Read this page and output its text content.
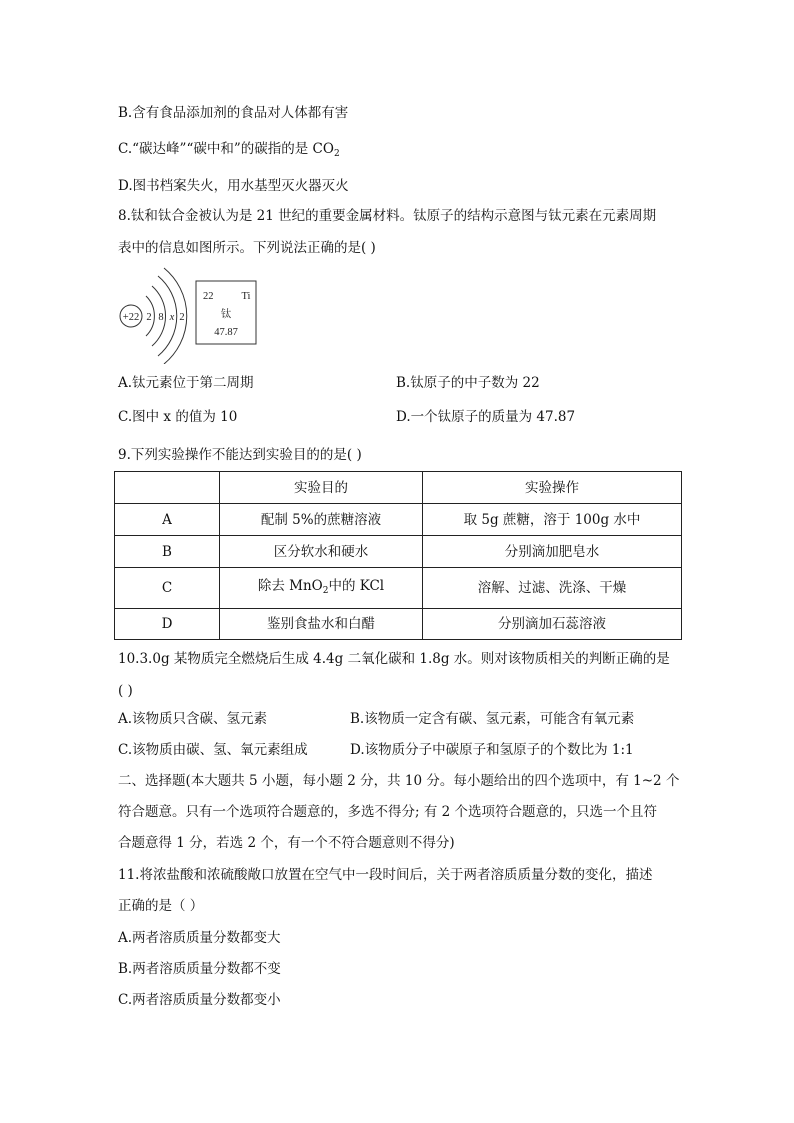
B.含有食品添加剂的食品对人体都有害
C.“碳达峰”“碳中和”的碳指的是 $CO_2$
D.图书档案失火，用水基型灭火器灭火
8.钛和钛合金被认为是 21 世纪的重要金属材料。钛原子的结构示意图与钛元素在元素周期
表中的信息如图所示。下列说法正确的是( )
+22 2 8 x 2
22	Ti
钛
47.87
A.钛元素位于第二周期	B.钛原子的中子数为 22
C.图中 x 的值为 10	D.一个钛原子的质量为 47.87
9.下列实验操作不能达到实验目的的是( )
	实验目的	实验操作
A	配制 5%的蔗糖溶液	取 5g 蔗糖，溶于 100g 水中
B	区分软水和硬水	分别滴加肥皂水
C	除去 MnO$_2$中的 KCl	溶解、过滤、洗涤、干燥
D	鉴别食盐水和白醋	分别滴加石蕊溶液
10.3.0g 某物质完全燃烧后生成 4.4g 二氧化碳和 1.8g 水。则对该物质相关的判断正确的是
( )
A.该物质只含碳、氢元素	B.该物质一定含有碳、氢元素，可能含有氧元素
C.该物质由碳、氢、氧元素组成	D.该物质分子中碳原子和氢原子的个数比为 1:1
二、选择题(本大题共 5 小题，每小题 2 分，共 10 分。每小题给出的四个选项中，有 1~2 个
符合题意。只有一个选项符合题意的，多选不得分; 有 2 个选项符合题意的，只选一个且符
合题意得 1 分，若选 2 个，有一个不符合题意则不得分)
11.将浓盐酸和浓硫酸敞口放置在空气中一段时间后，关于两者溶质质量分数的变化，描述
正确的是（ ）
A.两者溶质质量分数都变大
B.两者溶质质量分数都不变
C.两者溶质质量分数都变小
